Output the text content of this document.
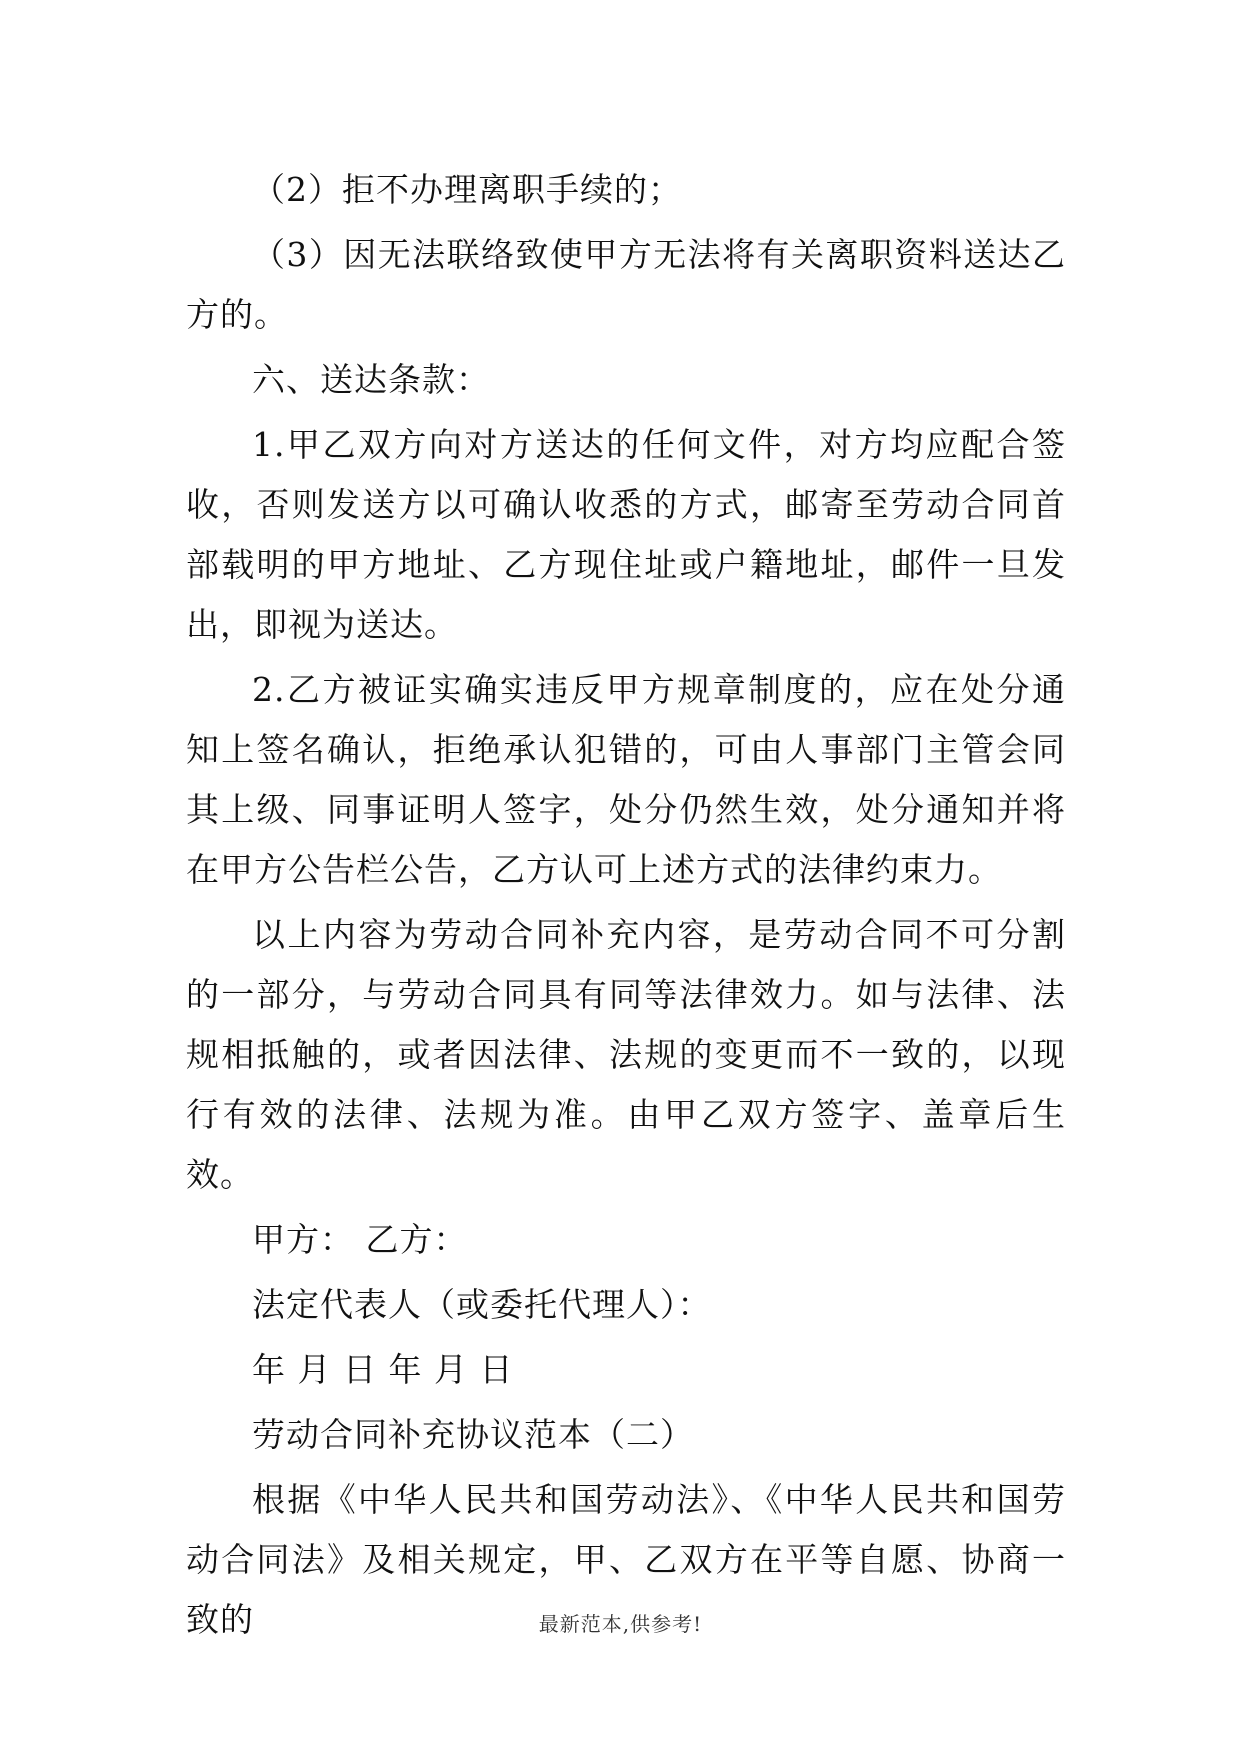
（2）拒不办理离职手续的；

（3）因无法联络致使甲方无法将有关离职资料送达乙方的。

六、送达条款：

1.甲乙双方向对方送达的任何文件，对方均应配合签收，否则发送方以可确认收悉的方式，邮寄至劳动合同首部载明的甲方地址、乙方现住址或户籍地址，邮件一旦发出，即视为送达。

2.乙方被证实确实违反甲方规章制度的，应在处分通知上签名确认，拒绝承认犯错的，可由人事部门主管会同其上级、同事证明人签字，处分仍然生效，处分通知并将在甲方公告栏公告，乙方认可上述方式的法律约束力。

以上内容为劳动合同补充内容，是劳动合同不可分割的一部分，与劳动合同具有同等法律效力。如与法律、法规相抵触的，或者因法律、法规的变更而不一致的，以现行有效的法律、法规为准。由甲乙双方签字、盖章后生效。

甲方： 乙方：

法定代表人（或委托代理人）：

年 月 日 年 月 日

劳动合同补充协议范本（二）

根据《中华人民共和国劳动法》、《中华人民共和国劳动合同法》及相关规定，甲、乙双方在平等自愿、协商一致的	最新范本,供参考!
